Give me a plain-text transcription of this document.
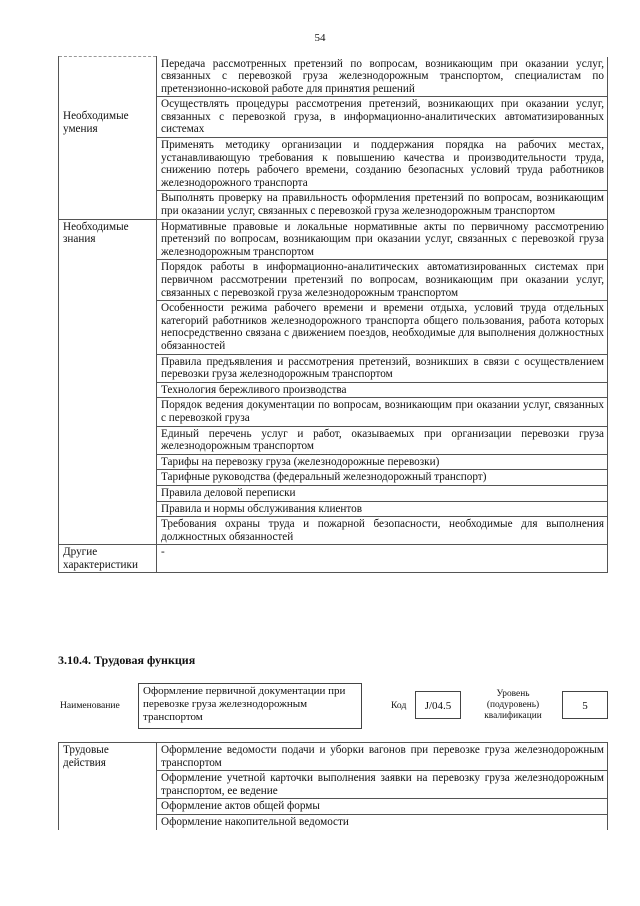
54
Необходимые умения	Передача рассмотренных претензий по вопросам, возникающим при оказании услуг, связанных с перевозкой груза железнодорожным транспортом, специалистам по претензионно-исковой работе для принятия решений
	Осуществлять процедуры рассмотрения претензий, возникающих при оказании услуг, связанных с перевозкой груза, в информационно-аналитических автоматизированных системах
	Применять методику организации и поддержания порядка на рабочих местах, устанавливающую требования к повышению качества и производительности труда, снижению потерь рабочего времени, созданию безопасных условий труда работников железнодорожного транспорта
	Выполнять проверку на правильность оформления претензий по вопросам, возникающим при оказании услуг, связанных с перевозкой груза железнодорожным транспортом
Необходимые знания	Нормативные правовые и локальные нормативные акты по первичному рассмотрению претензий по вопросам, возникающим при оказании услуг, связанных с перевозкой груза железнодорожным транспортом
	Порядок работы в информационно-аналитических автоматизированных системах при первичном рассмотрении претензий по вопросам, возникающим при оказании услуг, связанных с перевозкой груза железнодорожным транспортом
	Особенности режима рабочего времени и времени отдыха, условий труда отдельных категорий работников железнодорожного транспорта общего пользования, работа которых непосредственно связана с движением поездов, необходимые для выполнения должностных обязанностей
	Правила предъявления и рассмотрения претензий, возникших в связи с осуществлением перевозки груза железнодорожным транспортом
	Технология бережливого производства
	Порядок ведения документации по вопросам, возникающим при оказании услуг, связанных с перевозкой груза
	Единый перечень услуг и работ, оказываемых при организации перевозки груза железнодорожным транспортом
	Тарифы на перевозку груза (железнодорожные перевозки)
	Тарифные руководства (федеральный железнодорожный транспорт)
	Правила деловой переписки
	Правила и нормы обслуживания клиентов
	Требования охраны труда и пожарной безопасности, необходимые для выполнения должностных обязанностей
Другие характеристики	-
3.10.4. Трудовая функция
Наименование
Оформление первичной документации при перевозке груза железнодорожным транспортом
Код	J/04.5
Уровень (подуровень) квалификации
5
Трудовые действия	Оформление ведомости подачи и уборки вагонов при перевозке груза железнодорожным транспортом
Оформление учетной карточки выполнения заявки на перевозку груза железнодорожным транспортом, ее ведение
Оформление актов общей формы
Оформление накопительной ведомости
